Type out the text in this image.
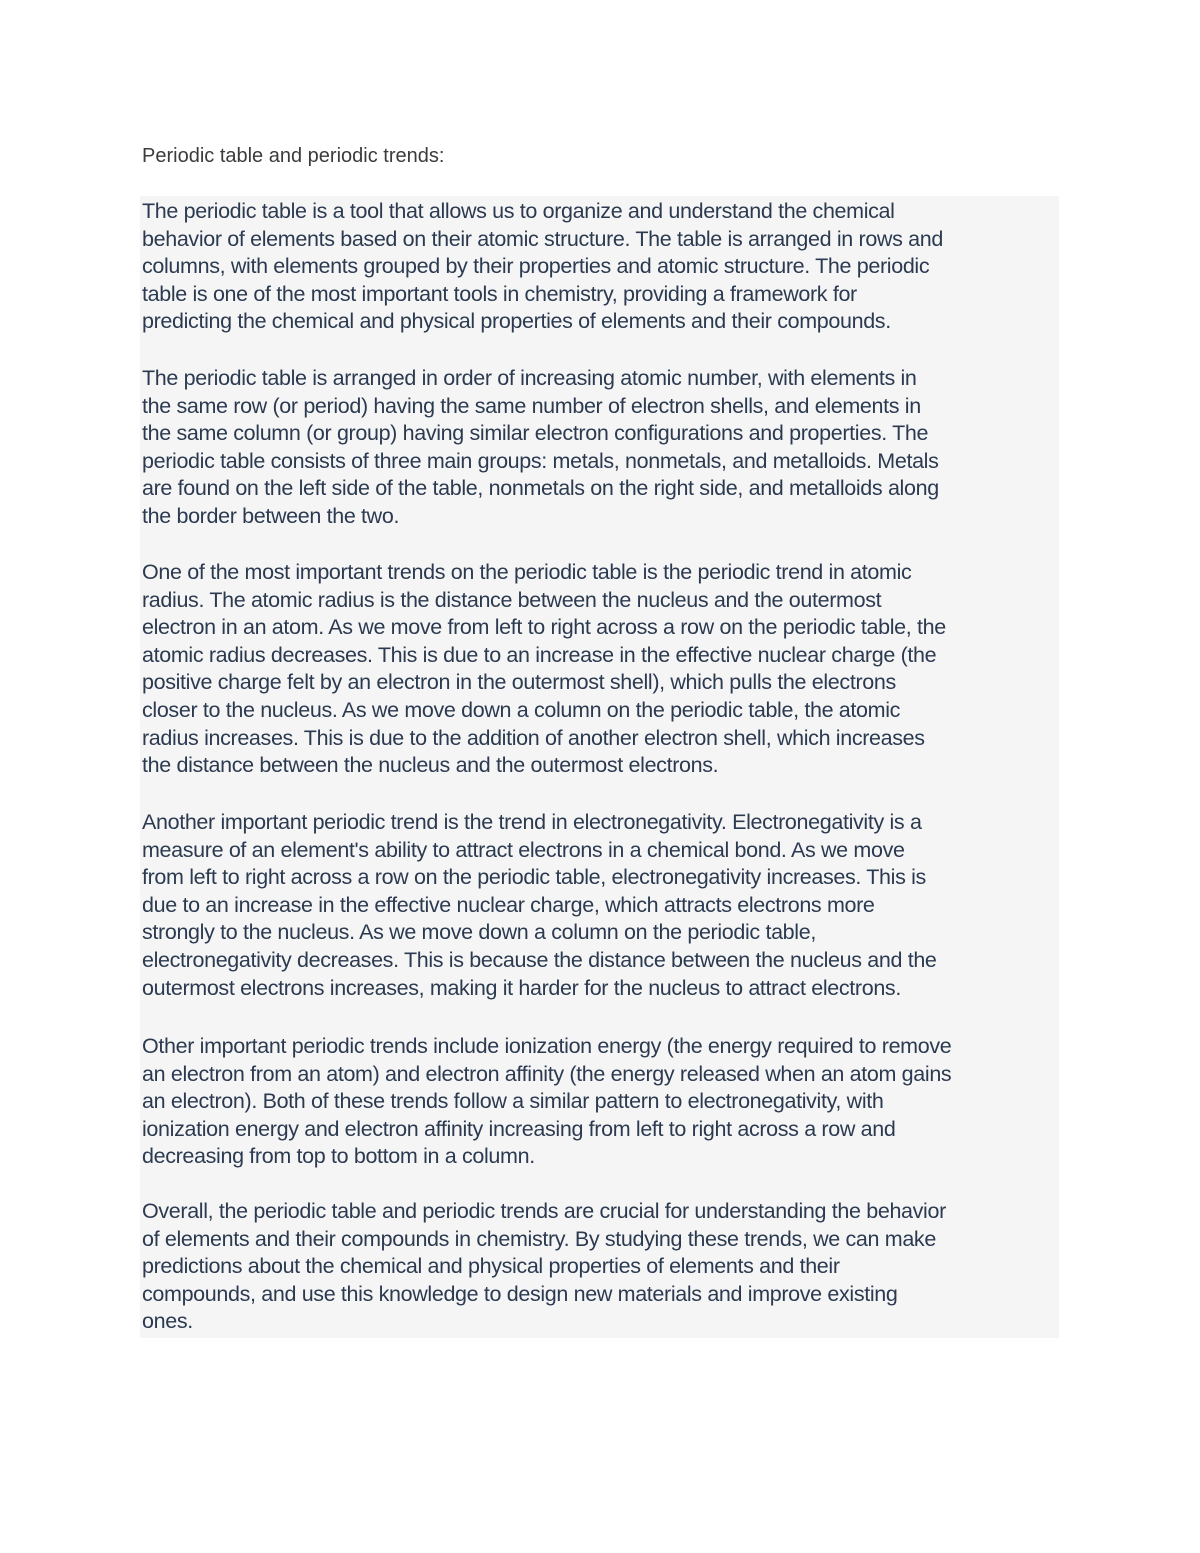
Periodic table and periodic trends:
The periodic table is a tool that allows us to organize and understand the chemical
behavior of elements based on their atomic structure. The table is arranged in rows and
columns, with elements grouped by their properties and atomic structure. The periodic
table is one of the most important tools in chemistry, providing a framework for
predicting the chemical and physical properties of elements and their compounds.
The periodic table is arranged in order of increasing atomic number, with elements in
the same row (or period) having the same number of electron shells, and elements in
the same column (or group) having similar electron configurations and properties. The
periodic table consists of three main groups: metals, nonmetals, and metalloids. Metals
are found on the left side of the table, nonmetals on the right side, and metalloids along
the border between the two.
One of the most important trends on the periodic table is the periodic trend in atomic
radius. The atomic radius is the distance between the nucleus and the outermost
electron in an atom. As we move from left to right across a row on the periodic table, the
atomic radius decreases. This is due to an increase in the effective nuclear charge (the
positive charge felt by an electron in the outermost shell), which pulls the electrons
closer to the nucleus. As we move down a column on the periodic table, the atomic
radius increases. This is due to the addition of another electron shell, which increases
the distance between the nucleus and the outermost electrons.
Another important periodic trend is the trend in electronegativity. Electronegativity is a
measure of an element's ability to attract electrons in a chemical bond. As we move
from left to right across a row on the periodic table, electronegativity increases. This is
due to an increase in the effective nuclear charge, which attracts electrons more
strongly to the nucleus. As we move down a column on the periodic table,
electronegativity decreases. This is because the distance between the nucleus and the
outermost electrons increases, making it harder for the nucleus to attract electrons.
Other important periodic trends include ionization energy (the energy required to remove
an electron from an atom) and electron affinity (the energy released when an atom gains
an electron). Both of these trends follow a similar pattern to electronegativity, with
ionization energy and electron affinity increasing from left to right across a row and
decreasing from top to bottom in a column.
Overall, the periodic table and periodic trends are crucial for understanding the behavior
of elements and their compounds in chemistry. By studying these trends, we can make
predictions about the chemical and physical properties of elements and their
compounds, and use this knowledge to design new materials and improve existing
ones.
